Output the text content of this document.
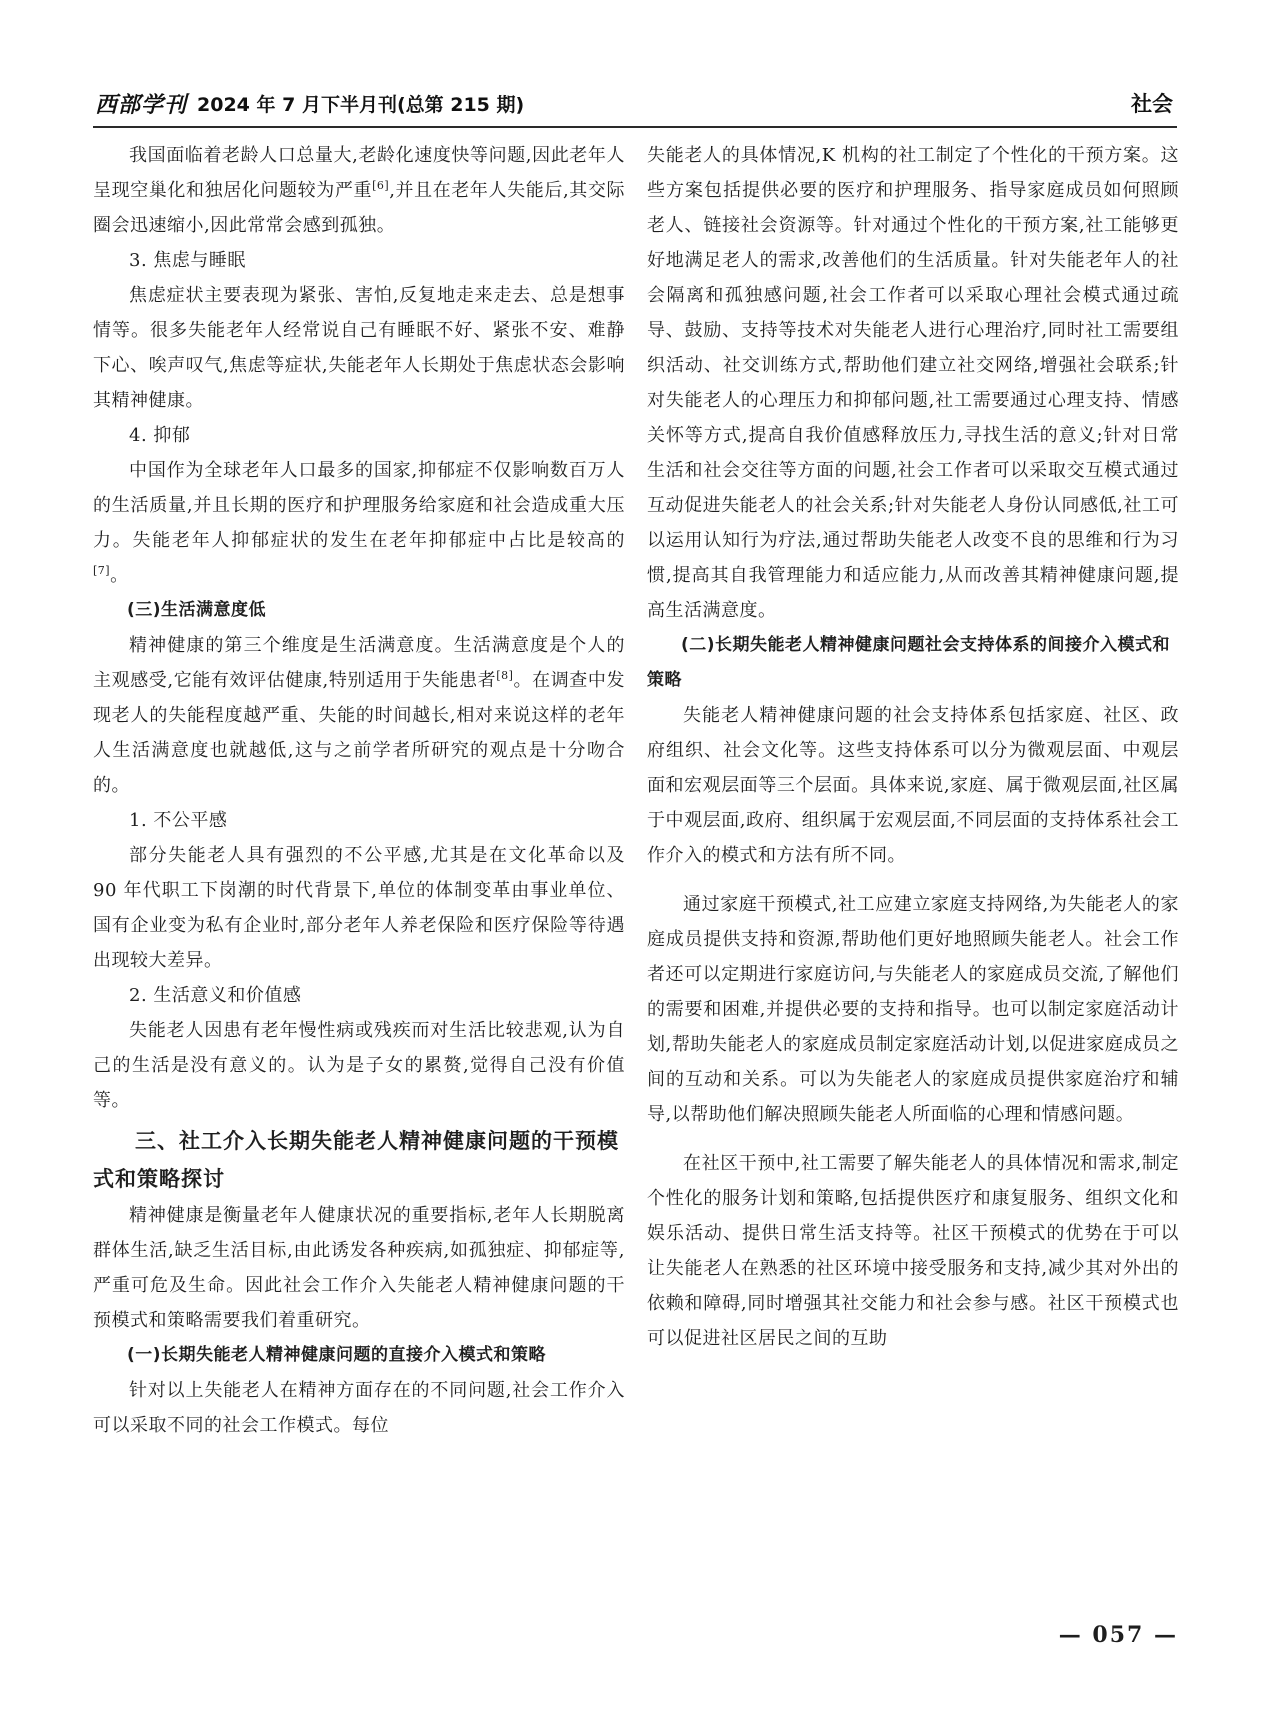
西部学刊 2024 年 7 月下半月刊(总第 215 期)	社会

我国面临着老龄人口总量大,老龄化速度快等问题,因此老年人呈现空巢化和独居化问题较为严重[6],并且在老年人失能后,其交际圈会迅速缩小,因此常常会感到孤独。

3. 焦虑与睡眠

焦虑症状主要表现为紧张、害怕,反复地走来走去、总是想事情等。很多失能老年人经常说自己有睡眠不好、紧张不安、难静下心、唉声叹气,焦虑等症状,失能老年人长期处于焦虑状态会影响其精神健康。

4. 抑郁

中国作为全球老年人口最多的国家,抑郁症不仅影响数百万人的生活质量,并且长期的医疗和护理服务给家庭和社会造成重大压力。失能老年人抑郁症状的发生在老年抑郁症中占比是较高的[7]。

(三)生活满意度低

精神健康的第三个维度是生活满意度。生活满意度是个人的主观感受,它能有效评估健康,特别适用于失能患者[8]。在调查中发现老人的失能程度越严重、失能的时间越长,相对来说这样的老年人生活满意度也就越低,这与之前学者所研究的观点是十分吻合的。

1. 不公平感

部分失能老人具有强烈的不公平感,尤其是在文化革命以及 90 年代职工下岗潮的时代背景下,单位的体制变革由事业单位、国有企业变为私有企业时,部分老年人养老保险和医疗保险等待遇出现较大差异。

2. 生活意义和价值感

失能老人因患有老年慢性病或残疾而对生活比较悲观,认为自己的生活是没有意义的。认为是子女的累赘,觉得自己没有价值等。

三、社工介入长期失能老人精神健康问题的干预模式和策略探讨

精神健康是衡量老年人健康状况的重要指标,老年人长期脱离群体生活,缺乏生活目标,由此诱发各种疾病,如孤独症、抑郁症等,严重可危及生命。因此社会工作介入失能老人精神健康问题的干预模式和策略需要我们着重研究。

(一)长期失能老人精神健康问题的直接介入模式和策略

针对以上失能老人在精神方面存在的不同问题,社会工作介入可以采取不同的社会工作模式。每位

失能老人的具体情况,K 机构的社工制定了个性化的干预方案。这些方案包括提供必要的医疗和护理服务、指导家庭成员如何照顾老人、链接社会资源等。针对通过个性化的干预方案,社工能够更好地满足老人的需求,改善他们的生活质量。针对失能老年人的社会隔离和孤独感问题,社会工作者可以采取心理社会模式通过疏导、鼓励、支持等技术对失能老人进行心理治疗,同时社工需要组织活动、社交训练方式,帮助他们建立社交网络,增强社会联系;针对失能老人的心理压力和抑郁问题,社工需要通过心理支持、情感关怀等方式,提高自我价值感释放压力,寻找生活的意义;针对日常生活和社会交往等方面的问题,社会工作者可以采取交互模式通过互动促进失能老人的社会关系;针对失能老人身份认同感低,社工可以运用认知行为疗法,通过帮助失能老人改变不良的思维和行为习惯,提高其自我管理能力和适应能力,从而改善其精神健康问题,提高生活满意度。

(二)长期失能老人精神健康问题社会支持体系的间接介入模式和策略

失能老人精神健康问题的社会支持体系包括家庭、社区、政府组织、社会文化等。这些支持体系可以分为微观层面、中观层面和宏观层面等三个层面。具体来说,家庭、属于微观层面,社区属于中观层面,政府、组织属于宏观层面,不同层面的支持体系社会工作介入的模式和方法有所不同。

通过家庭干预模式,社工应建立家庭支持网络,为失能老人的家庭成员提供支持和资源,帮助他们更好地照顾失能老人。社会工作者还可以定期进行家庭访问,与失能老人的家庭成员交流,了解他们的需要和困难,并提供必要的支持和指导。也可以制定家庭活动计划,帮助失能老人的家庭成员制定家庭活动计划,以促进家庭成员之间的互动和关系。可以为失能老人的家庭成员提供家庭治疗和辅导,以帮助他们解决照顾失能老人所面临的心理和情感问题。

在社区干预中,社工需要了解失能老人的具体情况和需求,制定个性化的服务计划和策略,包括提供医疗和康复服务、组织文化和娱乐活动、提供日常生活支持等。社区干预模式的优势在于可以让失能老人在熟悉的社区环境中接受服务和支持,减少其对外出的依赖和障碍,同时增强其社交能力和社会参与感。社区干预模式也可以促进社区居民之间的互助

— 057 —
